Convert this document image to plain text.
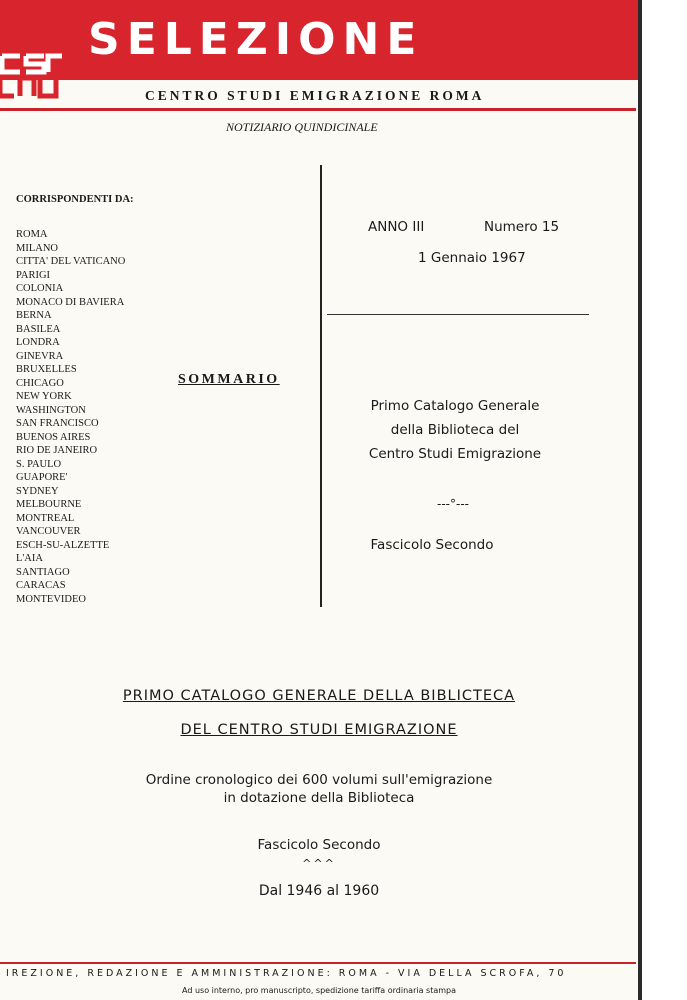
SELEZIONE
CENTRO STUDI EMIGRAZIONE ROMA
NOTIZIARIO QUINDICINALE
CORRISPONDENTI DA:
ROMA
MILANO
CITTA' DEL VATICANO
PARIGI
COLONIA
MONACO DI BAVIERA
BERNA
BASILEA
LONDRA
GINEVRA
BRUXELLES
CHICAGO
NEW YORK
WASHINGTON
SAN FRANCISCO
BUENOS AIRES
RIO DE JANEIRO
S. PAULO
GUAPORE'
SYDNEY
MELBOURNE
MONTREAL
VANCOUVER
ESCH-SU-ALZETTE
L'AIA
SANTIAGO
CARACAS
MONTEVIDEO
ANNO III	Numero 15
1 Gennaio 1967
SOMMARIO
Primo Catalogo Generale
della Biblioteca del
Centro Studi Emigrazione
---°---
Fascicolo Secondo
PRIMO CATALOGO GENERALE DELLA BIBLICTECA
DEL CENTRO STUDI EMIGRAZIONE
Ordine cronologico dei 600 volumi sull'emigrazione
in dotazione della Biblioteca
Fascicolo Secondo
^^^
Dal 1946 al 1960
IREZIONE, REDAZIONE E AMMINISTRAZIONE: ROMA - VIA DELLA SCROFA, 70
Ad uso interno, pro manuscripto, spedizione tariffa ordinaria stampa
